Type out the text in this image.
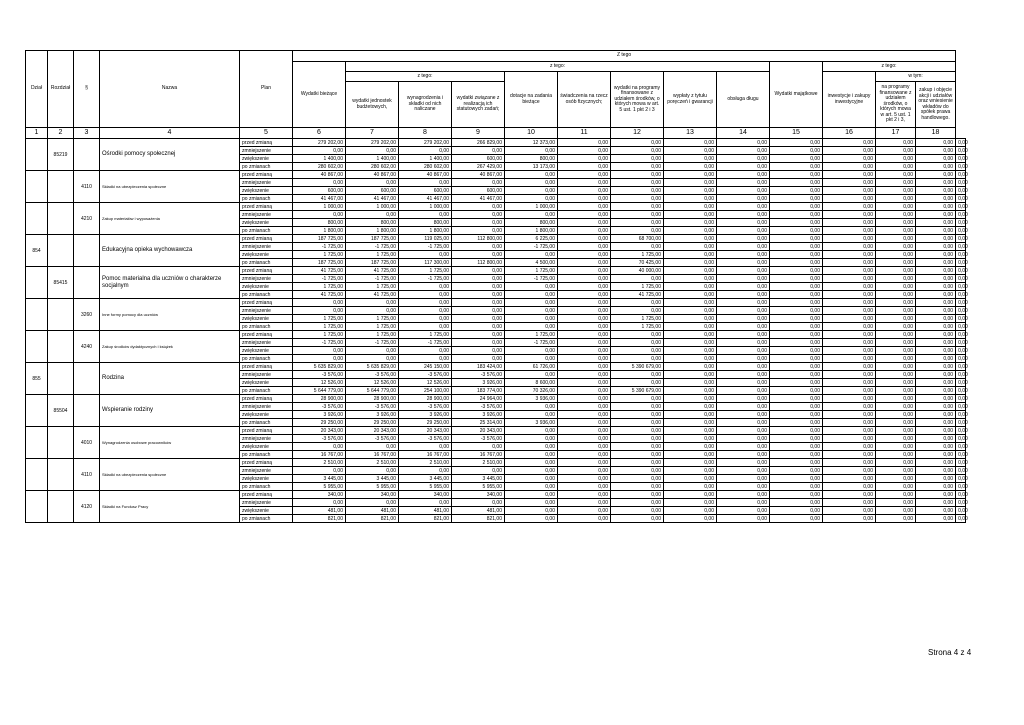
Dział	Rozdział	§	Nazwa	Plan	Z tego													
					Wydatki bieżące	z tego:								Wydatki majątkowe	z tego:			
						z tego:			dotacje na zadania bieżące	świadczenia na rzecz osób fizycznych;	wydatki na programy finansowane z udziałem środków, o których mowa w art. 5 ust. 1 pkt 2 i 3	wypłaty z tytułu poręczeń i gwarancji	obsługa długu		inwestycje i zakupy inwestycyjne	w tym:		
						wydatki jednostek budżetowych,	wynagrodzenia i składki od nich naliczane	wydatki związane z realizacją ich statutowych zadań;								na programy finansowane z udziałem środków, o których mowa w art. 5 ust. 1 pkt 2 i 3,	zakup i objęcie akcji i udziałów oraz wniesienie wkładów do spółek prawa handlowego.	
1	2	3	4	5	6	7	8	9	10	11	12	13	14	15	16	17	18	
	85219		Ośrodki pomocy społecznej	przed zmianą	279 202,00	279 202,00	279 202,00	266 829,00	12 373,00	0,00	0,00	0,00	0,00	0,00	0,00	0,00	0,00	0,00
				zmniejszenie	0,00	0,00	0,00	0,00	0,00	0,00	0,00	0,00	0,00	0,00	0,00	0,00	0,00	0,00
				zwiększenie	1 400,00	1 400,00	1 400,00	600,00	800,00	0,00	0,00	0,00	0,00	0,00	0,00	0,00	0,00	0,00
				po zmianach	280 602,00	280 602,00	280 602,00	267 429,00	13 173,00	0,00	0,00	0,00	0,00	0,00	0,00	0,00	0,00	0,00
		4110	Składki na ubezpieczenia społeczne	przed zmianą	40 867,00	40 867,00	40 867,00	40 867,00	0,00	0,00	0,00	0,00	0,00	0,00	0,00	0,00	0,00	0,00
				zmniejszenie	0,00	0,00	0,00	0,00	0,00	0,00	0,00	0,00	0,00	0,00	0,00	0,00	0,00	0,00
				zwiększenie	600,00	600,00	600,00	600,00	0,00	0,00	0,00	0,00	0,00	0,00	0,00	0,00	0,00	0,00
				po zmianach	41 467,00	41 467,00	41 467,00	41 467,00	0,00	0,00	0,00	0,00	0,00	0,00	0,00	0,00	0,00	0,00
		4210	Zakup materiałów i wyposażenia	przed zmianą	1 000,00	1 000,00	1 000,00	0,00	1 000,00	0,00	0,00	0,00	0,00	0,00	0,00	0,00	0,00	0,00
				zmniejszenie	0,00	0,00	0,00	0,00	0,00	0,00	0,00	0,00	0,00	0,00	0,00	0,00	0,00	0,00
				zwiększenie	800,00	800,00	800,00	0,00	800,00	0,00	0,00	0,00	0,00	0,00	0,00	0,00	0,00	0,00
				po zmianach	1 800,00	1 800,00	1 800,00	0,00	1 800,00	0,00	0,00	0,00	0,00	0,00	0,00	0,00	0,00	0,00
854			Edukacyjna opieka wychowawcza	przed zmianą	187 725,00	187 725,00	119 025,00	112 800,00	6 225,00	0,00	68 700,00	0,00	0,00	0,00	0,00	0,00	0,00	0,00
				zmniejszenie	-1 725,00	-1 725,00	-1 725,00	0,00	-1 725,00	0,00	0,00	0,00	0,00	0,00	0,00	0,00	0,00	0,00
				zwiększenie	1 725,00	1 725,00	0,00	0,00	0,00	0,00	1 725,00	0,00	0,00	0,00	0,00	0,00	0,00	0,00
				po zmianach	187 725,00	187 725,00	117 300,00	112 800,00	4 500,00	0,00	70 425,00	0,00	0,00	0,00	0,00	0,00	0,00	0,00
	85415		Pomoc materialna dla uczniów o charakterze socjalnym	przed zmianą	41 725,00	41 725,00	1 725,00	0,00	1 725,00	0,00	40 000,00	0,00	0,00	0,00	0,00	0,00	0,00	0,00
				zmniejszenie	-1 725,00	-1 725,00	-1 725,00	0,00	-1 725,00	0,00	0,00	0,00	0,00	0,00	0,00	0,00	0,00	0,00
				zwiększenie	1 725,00	1 725,00	0,00	0,00	0,00	0,00	1 725,00	0,00	0,00	0,00	0,00	0,00	0,00	0,00
				po zmianach	41 725,00	41 725,00	0,00	0,00	0,00	0,00	41 725,00	0,00	0,00	0,00	0,00	0,00	0,00	0,00
		3260	Inne formy pomocy dla uczniów	przed zmianą	0,00	0,00	0,00	0,00	0,00	0,00	0,00	0,00	0,00	0,00	0,00	0,00	0,00	0,00
				zmniejszenie	0,00	0,00	0,00	0,00	0,00	0,00	0,00	0,00	0,00	0,00	0,00	0,00	0,00	0,00
				zwiększenie	1 725,00	1 725,00	0,00	0,00	0,00	0,00	1 725,00	0,00	0,00	0,00	0,00	0,00	0,00	0,00
				po zmianach	1 725,00	1 725,00	0,00	0,00	0,00	0,00	1 725,00	0,00	0,00	0,00	0,00	0,00	0,00	0,00
		4240	Zakup środków dydaktycznych i książek	przed zmianą	1 725,00	1 725,00	1 725,00	0,00	1 725,00	0,00	0,00	0,00	0,00	0,00	0,00	0,00	0,00	0,00
				zmniejszenie	-1 725,00	-1 725,00	-1 725,00	0,00	-1 725,00	0,00	0,00	0,00	0,00	0,00	0,00	0,00	0,00	0,00
				zwiększenie	0,00	0,00	0,00	0,00	0,00	0,00	0,00	0,00	0,00	0,00	0,00	0,00	0,00	0,00
				po zmianach	0,00	0,00	0,00	0,00	0,00	0,00	0,00	0,00	0,00	0,00	0,00	0,00	0,00	0,00
855			Rodzina	przed zmianą	5 635 829,00	5 635 829,00	245 150,00	183 424,00	61 726,00	0,00	5 390 679,00	0,00	0,00	0,00	0,00	0,00	0,00	0,00
				zmniejszenie	-3 576,00	-3 576,00	-3 576,00	-3 576,00	0,00	0,00	0,00	0,00	0,00	0,00	0,00	0,00	0,00	0,00
				zwiększenie	12 526,00	12 526,00	12 526,00	3 926,00	8 600,00	0,00	0,00	0,00	0,00	0,00	0,00	0,00	0,00	0,00
				po zmianach	5 644 779,00	5 644 779,00	254 100,00	183 774,00	70 326,00	0,00	5 390 679,00	0,00	0,00	0,00	0,00	0,00	0,00	0,00
	85504		Wspieranie rodziny	przed zmianą	28 900,00	28 900,00	28 900,00	24 964,00	3 936,00	0,00	0,00	0,00	0,00	0,00	0,00	0,00	0,00	0,00
				zmniejszenie	-3 576,00	-3 576,00	-3 576,00	-3 576,00	0,00	0,00	0,00	0,00	0,00	0,00	0,00	0,00	0,00	0,00
				zwiększenie	3 926,00	3 926,00	3 926,00	3 926,00	0,00	0,00	0,00	0,00	0,00	0,00	0,00	0,00	0,00	0,00
				po zmianach	29 250,00	29 250,00	29 250,00	25 314,00	3 936,00	0,00	0,00	0,00	0,00	0,00	0,00	0,00	0,00	0,00
		4010	Wynagrodzenia osobowe pracowników	przed zmianą	20 343,00	20 343,00	20 343,00	20 343,00	0,00	0,00	0,00	0,00	0,00	0,00	0,00	0,00	0,00	0,00
				zmniejszenie	-3 576,00	-3 576,00	-3 576,00	-3 576,00	0,00	0,00	0,00	0,00	0,00	0,00	0,00	0,00	0,00	0,00
				zwiększenie	0,00	0,00	0,00	0,00	0,00	0,00	0,00	0,00	0,00	0,00	0,00	0,00	0,00	0,00
				po zmianach	16 767,00	16 767,00	16 767,00	16 767,00	0,00	0,00	0,00	0,00	0,00	0,00	0,00	0,00	0,00	0,00
		4110	Składki na ubezpieczenia społeczne	przed zmianą	2 510,00	2 510,00	2 510,00	2 510,00	0,00	0,00	0,00	0,00	0,00	0,00	0,00	0,00	0,00	0,00
				zmniejszenie	0,00	0,00	0,00	0,00	0,00	0,00	0,00	0,00	0,00	0,00	0,00	0,00	0,00	0,00
				zwiększenie	3 445,00	3 445,00	3 445,00	3 445,00	0,00	0,00	0,00	0,00	0,00	0,00	0,00	0,00	0,00	0,00
				po zmianach	5 955,00	5 955,00	5 955,00	5 955,00	0,00	0,00	0,00	0,00	0,00	0,00	0,00	0,00	0,00	0,00
		4120	Składki na Fundusz Pracy	przed zmianą	340,00	340,00	340,00	340,00	0,00	0,00	0,00	0,00	0,00	0,00	0,00	0,00	0,00	0,00
				zmniejszenie	0,00	0,00	0,00	0,00	0,00	0,00	0,00	0,00	0,00	0,00	0,00	0,00	0,00	0,00
				zwiększenie	481,00	481,00	481,00	481,00	0,00	0,00	0,00	0,00	0,00	0,00	0,00	0,00	0,00	0,00
				po zmianach	821,00	821,00	821,00	821,00	0,00	0,00	0,00	0,00	0,00	0,00	0,00	0,00	0,00	0,00
Strona 4 z 4
